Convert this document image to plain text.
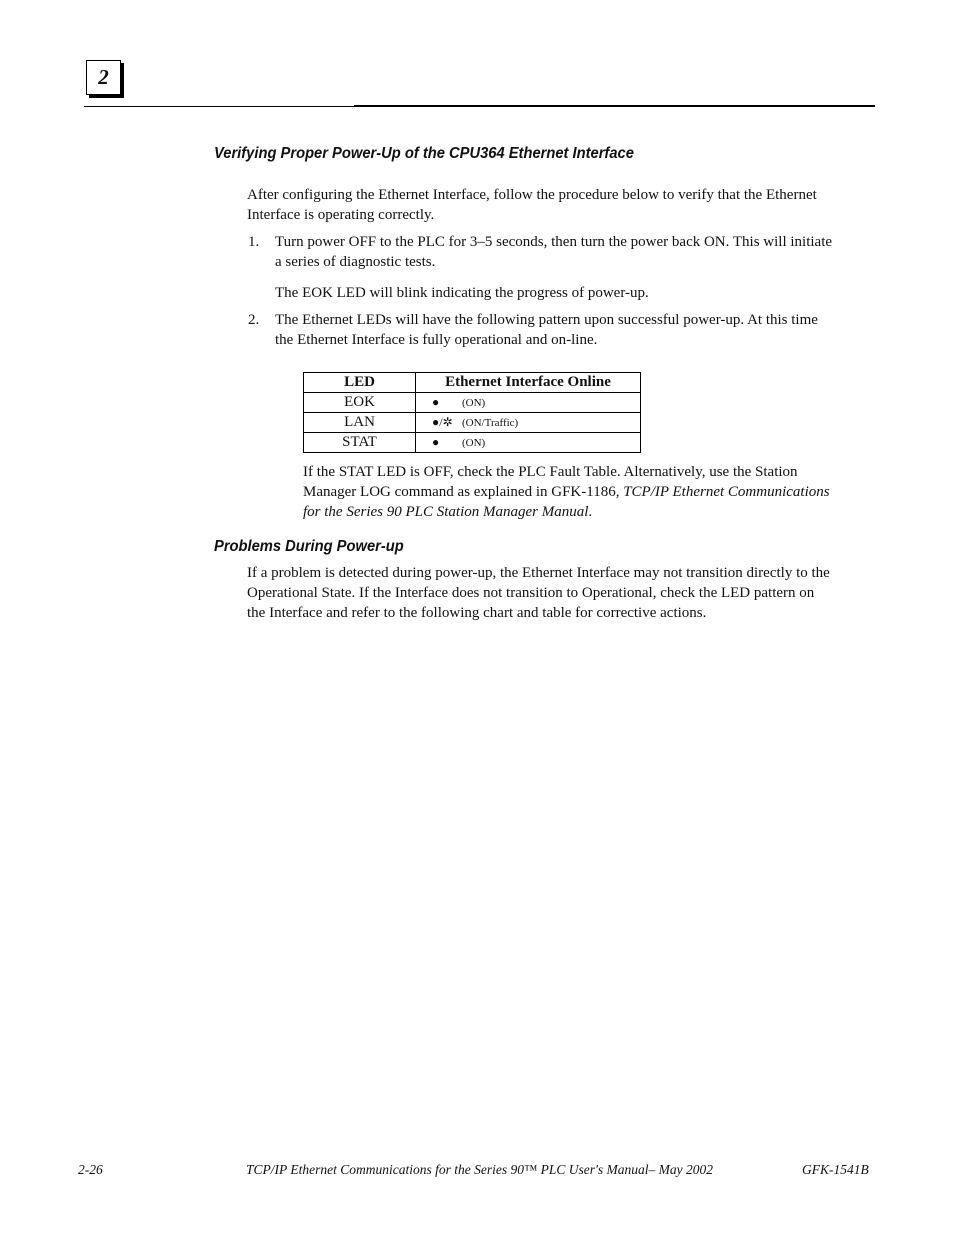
2
Verifying Proper Power-Up of the CPU364 Ethernet Interface
After configuring the Ethernet Interface, follow the procedure below to verify that the Ethernet
Interface is operating correctly.
1. Turn power OFF to the PLC for 3–5 seconds, then turn the power back ON. This will initiate
a series of diagnostic tests.
The EOK LED will blink indicating the progress of power-up.
2. The Ethernet LEDs will have the following pattern upon successful power-up. At this time
the Ethernet Interface is fully operational and on-line.
LED	Ethernet Interface Online
EOK	● (ON)
LAN	●/✲ (ON/Traffic)
STAT	● (ON)
If the STAT LED is OFF, check the PLC Fault Table. Alternatively, use the Station
Manager LOG command as explained in GFK-1186, TCP/IP Ethernet Communications
for the Series 90 PLC Station Manager Manual.
Problems During Power-up
If a problem is detected during power-up, the Ethernet Interface may not transition directly to the
Operational State. If the Interface does not transition to Operational, check the LED pattern on
the Interface and refer to the following chart and table for corrective actions.
2-26	TCP/IP Ethernet Communications for the Series 90™ PLC User's Manual– May 2002	GFK-1541B
